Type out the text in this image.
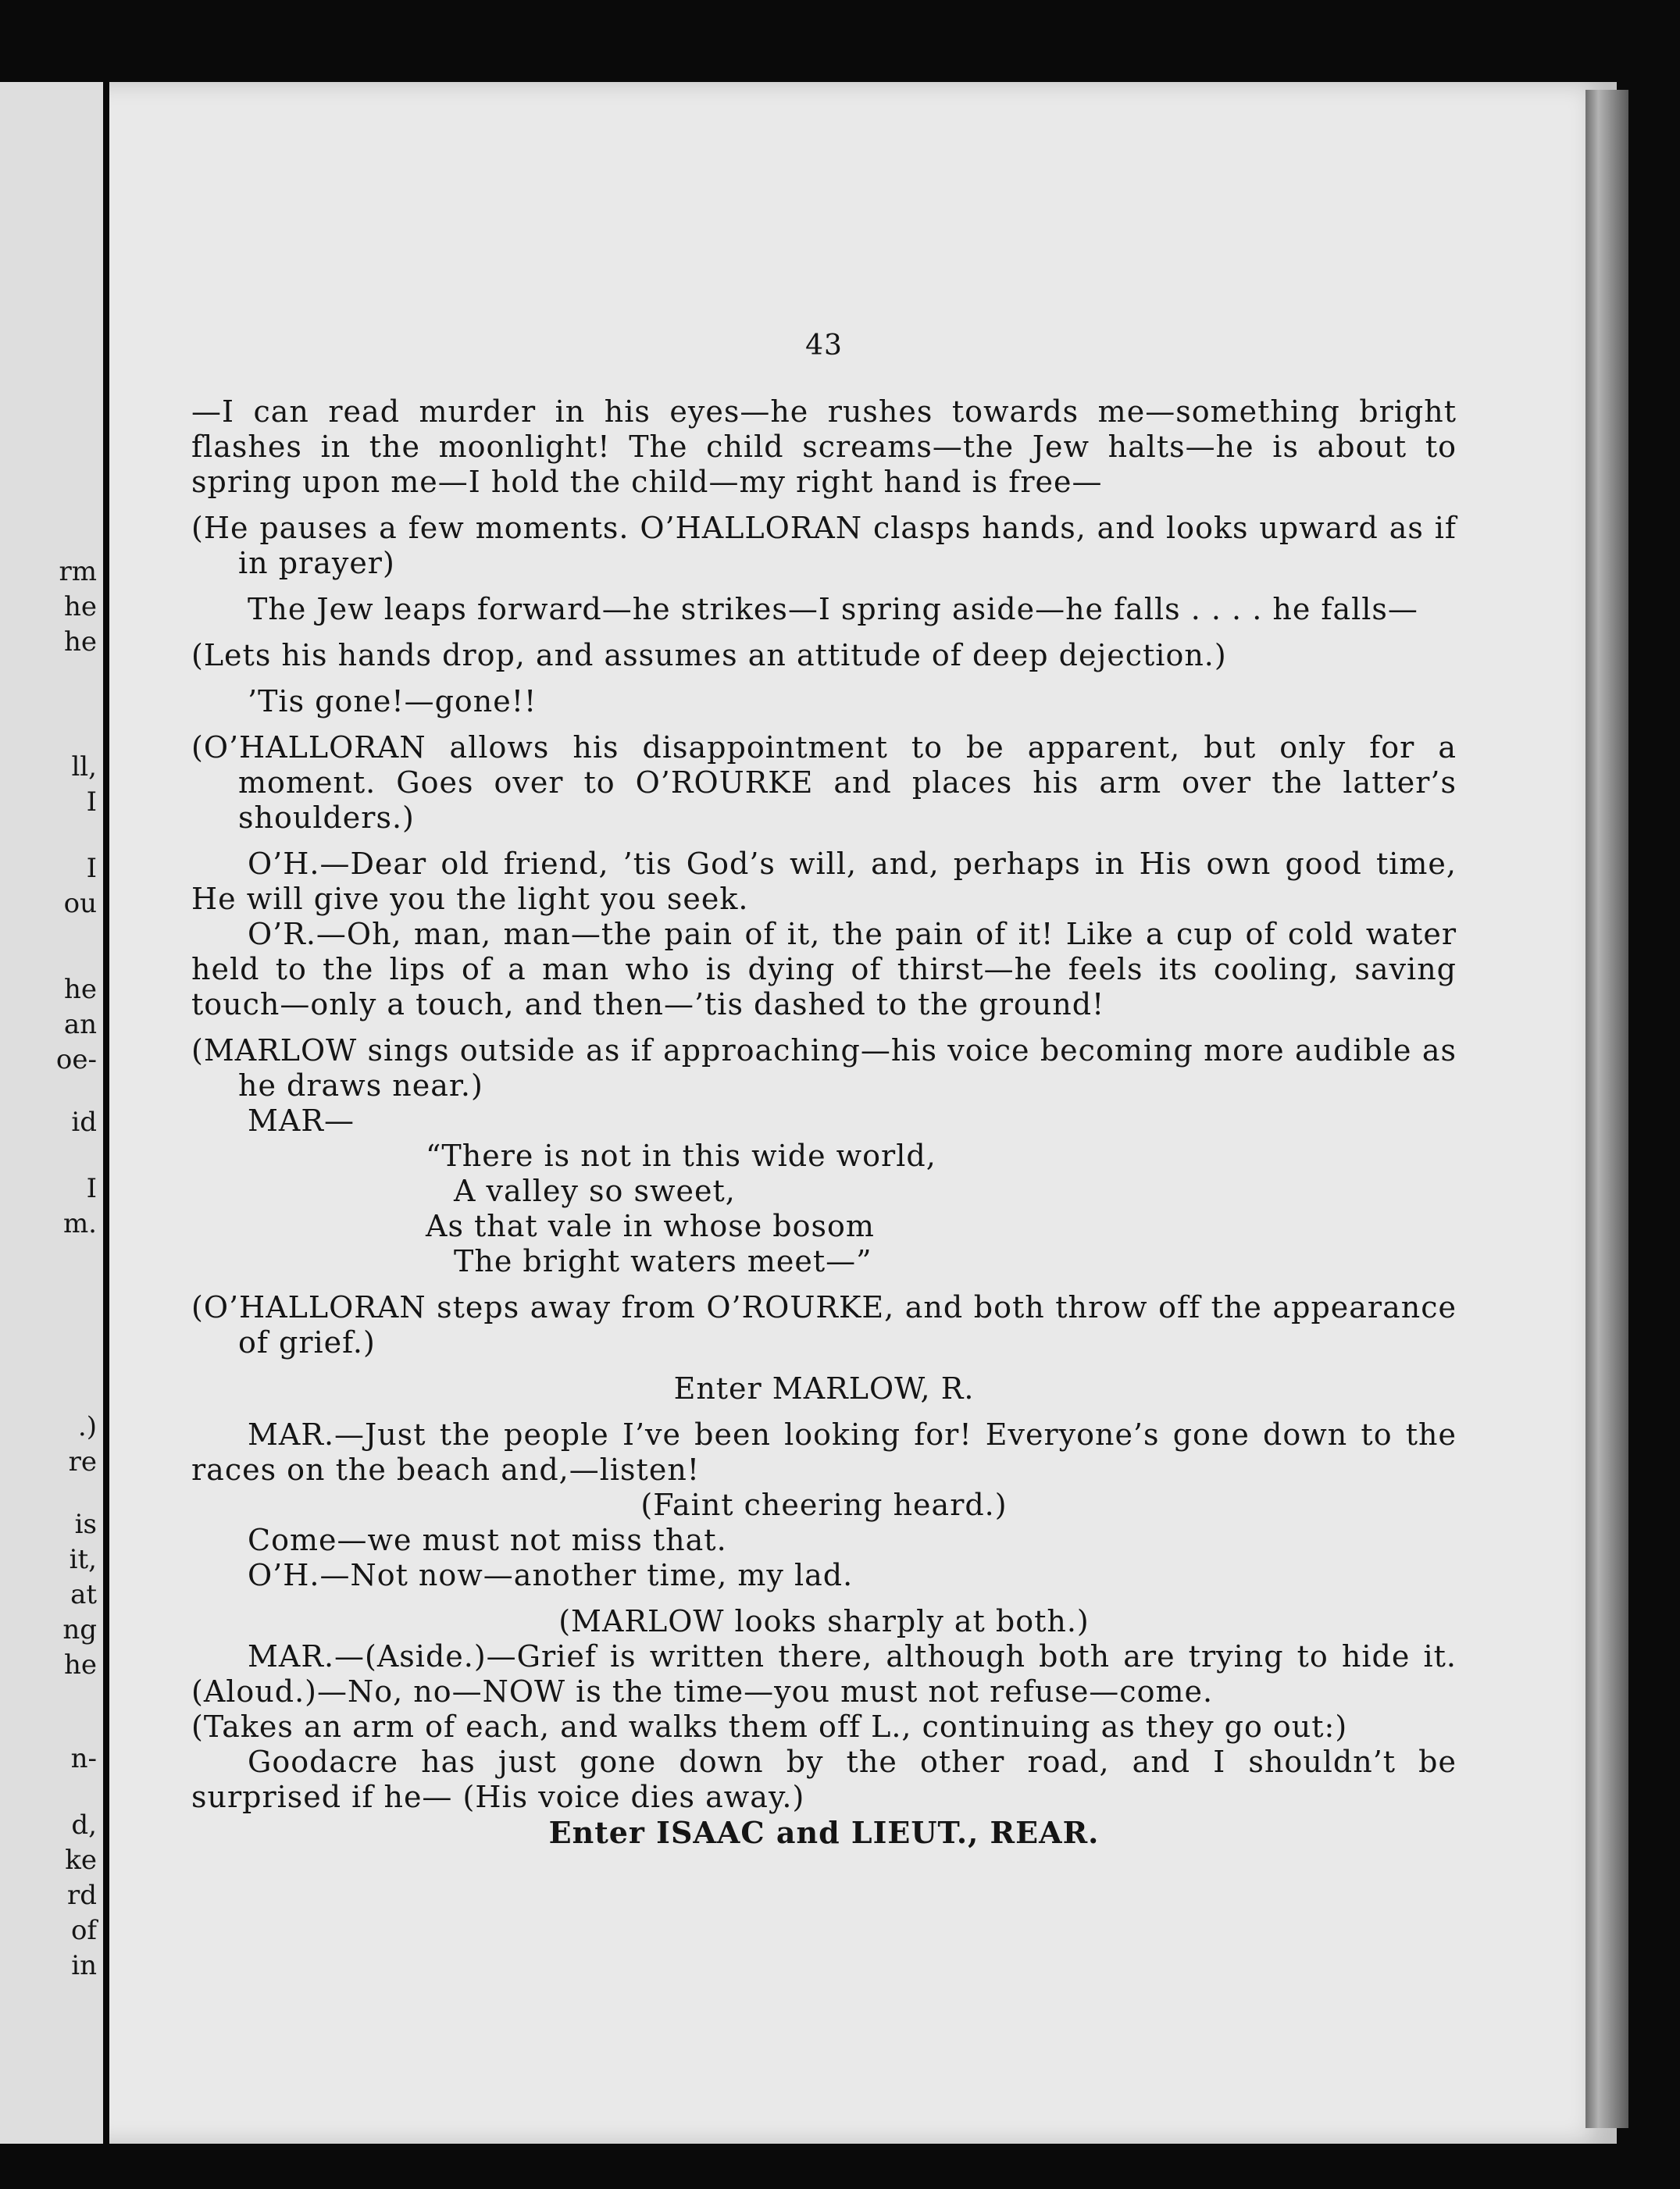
rm
he
he
ll,
I
I
ou
he
an
oe-
id
I
m.
.)
re
is
it,
at
ng
he
n-
d,
ke
rd
of
in
43

—I can read murder in his eyes—he rushes towards me—something bright flashes in the moonlight! The child screams—the Jew halts—he is about to spring upon me—I hold the child—my right hand is free—

(He pauses a few moments. O’HALLORAN clasps hands, and looks upward as if in prayer)

The Jew leaps forward—he strikes—I spring aside—he falls . . . . he falls—

(Lets his hands drop, and assumes an attitude of deep dejection.)

’Tis gone!—gone!!

(O’HALLORAN allows his disappointment to be apparent, but only for a moment. Goes over to O’ROURKE and places his arm over the latter’s shoulders.)

O’H.—Dear old friend, ’tis God’s will, and, perhaps in His own good time, He will give you the light you seek.

O’R.—Oh, man, man—the pain of it, the pain of it! Like a cup of cold water held to the lips of a man who is dying of thirst—he feels its cooling, saving touch—only a touch, and then—’tis dashed to the ground!

(MARLOW sings outside as if approaching—his voice becoming more audible as he draws near.)

MAR—

“There is not in this wide world,
A valley so sweet,
As that vale in whose bosom
The bright waters meet—”

(O’HALLORAN steps away from O’ROURKE, and both throw off the appearance of grief.)

Enter MARLOW, R.

MAR.—Just the people I’ve been looking for! Everyone’s gone down to the races on the beach and,—listen!

(Faint cheering heard.)

Come—we must not miss that.

O’H.—Not now—another time, my lad.

(MARLOW looks sharply at both.)

MAR.—(Aside.)—Grief is written there, although both are trying to hide it. (Aloud.)—No, no—NOW is the time—you must not refuse—come.

(Takes an arm of each, and walks them off L., continuing as they go out:)

Goodacre has just gone down by the other road, and I shouldn’t be surprised if he— (His voice dies away.)

Enter ISAAC and LIEUT., REAR.
